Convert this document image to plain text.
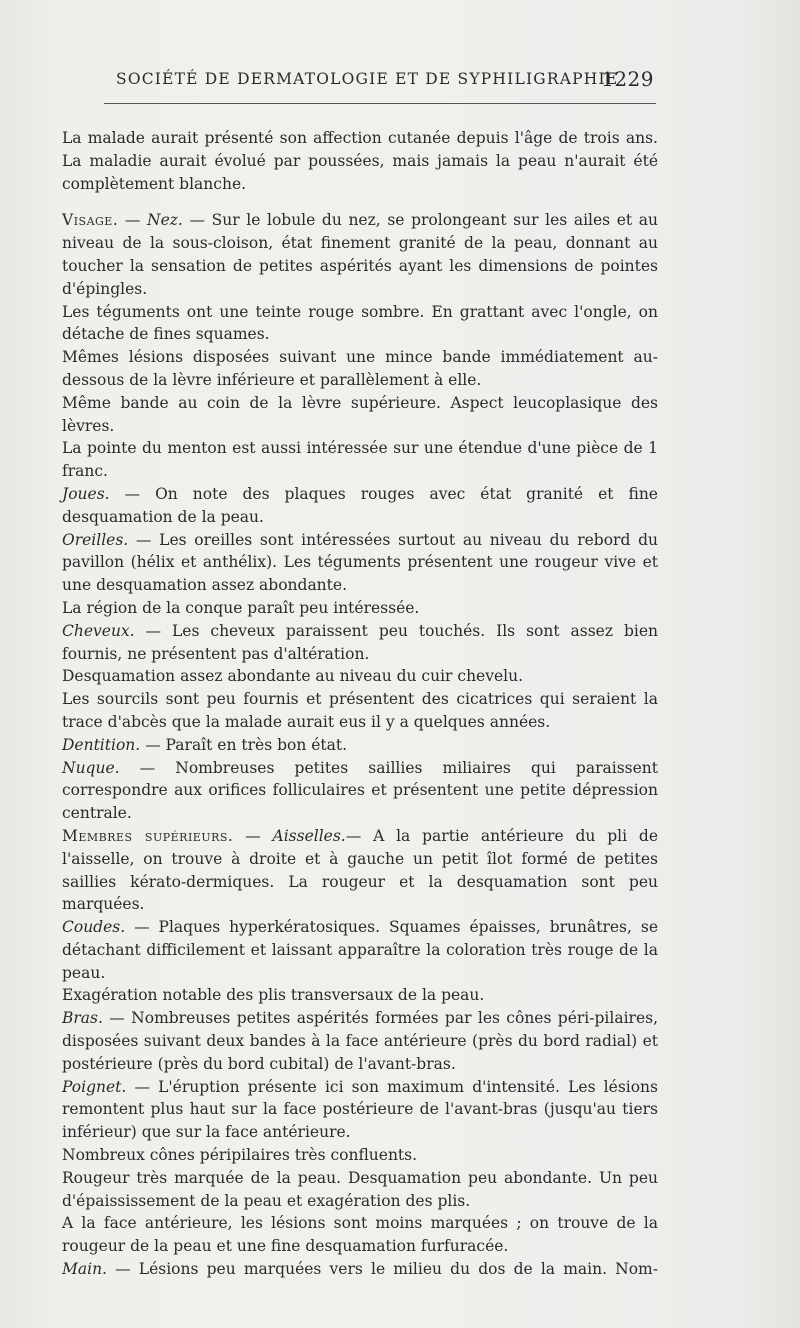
SOCIÉTÉ DE DERMATOLOGIE ET DE SYPHILIGRAPHIE
1229

La malade aurait présenté son affection cutanée depuis l'âge de trois ans. La maladie aurait évolué par poussées, mais jamais la peau n'aurait été complètement blanche.

Visage. — Nez. — Sur le lobule du nez, se prolongeant sur les ailes et au niveau de la sous-cloison, état finement granité de la peau, donnant au toucher la sensation de petites aspérités ayant les dimensions de pointes d'épingles.

Les téguments ont une teinte rouge sombre. En grattant avec l'ongle, on détache de fines squames.

Mêmes lésions disposées suivant une mince bande immédiatement au-dessous de la lèvre inférieure et parallèlement à elle.

Même bande au coin de la lèvre supérieure. Aspect leucoplasique des lèvres.

La pointe du menton est aussi intéressée sur une étendue d'une pièce de 1 franc.

Joues. — On note des plaques rouges avec état granité et fine desquamation de la peau.

Oreilles. — Les oreilles sont intéressées surtout au niveau du rebord du pavillon (hélix et anthélix). Les téguments présentent une rougeur vive et une desquamation assez abondante.

La région de la conque paraît peu intéressée.

Cheveux. — Les cheveux paraissent peu touchés. Ils sont assez bien fournis, ne présentent pas d'altération.

Desquamation assez abondante au niveau du cuir chevelu.

Les sourcils sont peu fournis et présentent des cicatrices qui seraient la trace d'abcès que la malade aurait eus il y a quelques années.

Dentition. — Paraît en très bon état.

Nuque. — Nombreuses petites saillies miliaires qui paraissent correspondre aux orifices folliculaires et présentent une petite dépression centrale.

Membres supérieurs. — Aisselles.— A la partie antérieure du pli de l'aisselle, on trouve à droite et à gauche un petit îlot formé de petites saillies kérato-dermiques. La rougeur et la desquamation sont peu marquées.

Coudes. — Plaques hyperkératosiques. Squames épaisses, brunâtres, se détachant difficilement et laissant apparaître la coloration très rouge de la peau.

Exagération notable des plis transversaux de la peau.

Bras. — Nombreuses petites aspérités formées par les cônes péri-pilaires, disposées suivant deux bandes à la face antérieure (près du bord radial) et postérieure (près du bord cubital) de l'avant-bras.

Poignet. — L'éruption présente ici son maximum d'intensité. Les lésions remontent plus haut sur la face postérieure de l'avant-bras (jusqu'au tiers inférieur) que sur la face antérieure.

Nombreux cônes péripilaires très confluents.

Rougeur très marquée de la peau. Desquamation peu abondante. Un peu d'épaississement de la peau et exagération des plis.

A la face antérieure, les lésions sont moins marquées ; on trouve de la rougeur de la peau et une fine desquamation furfuracée.

Main. — Lésions peu marquées vers le milieu du dos de la main. Nom-
